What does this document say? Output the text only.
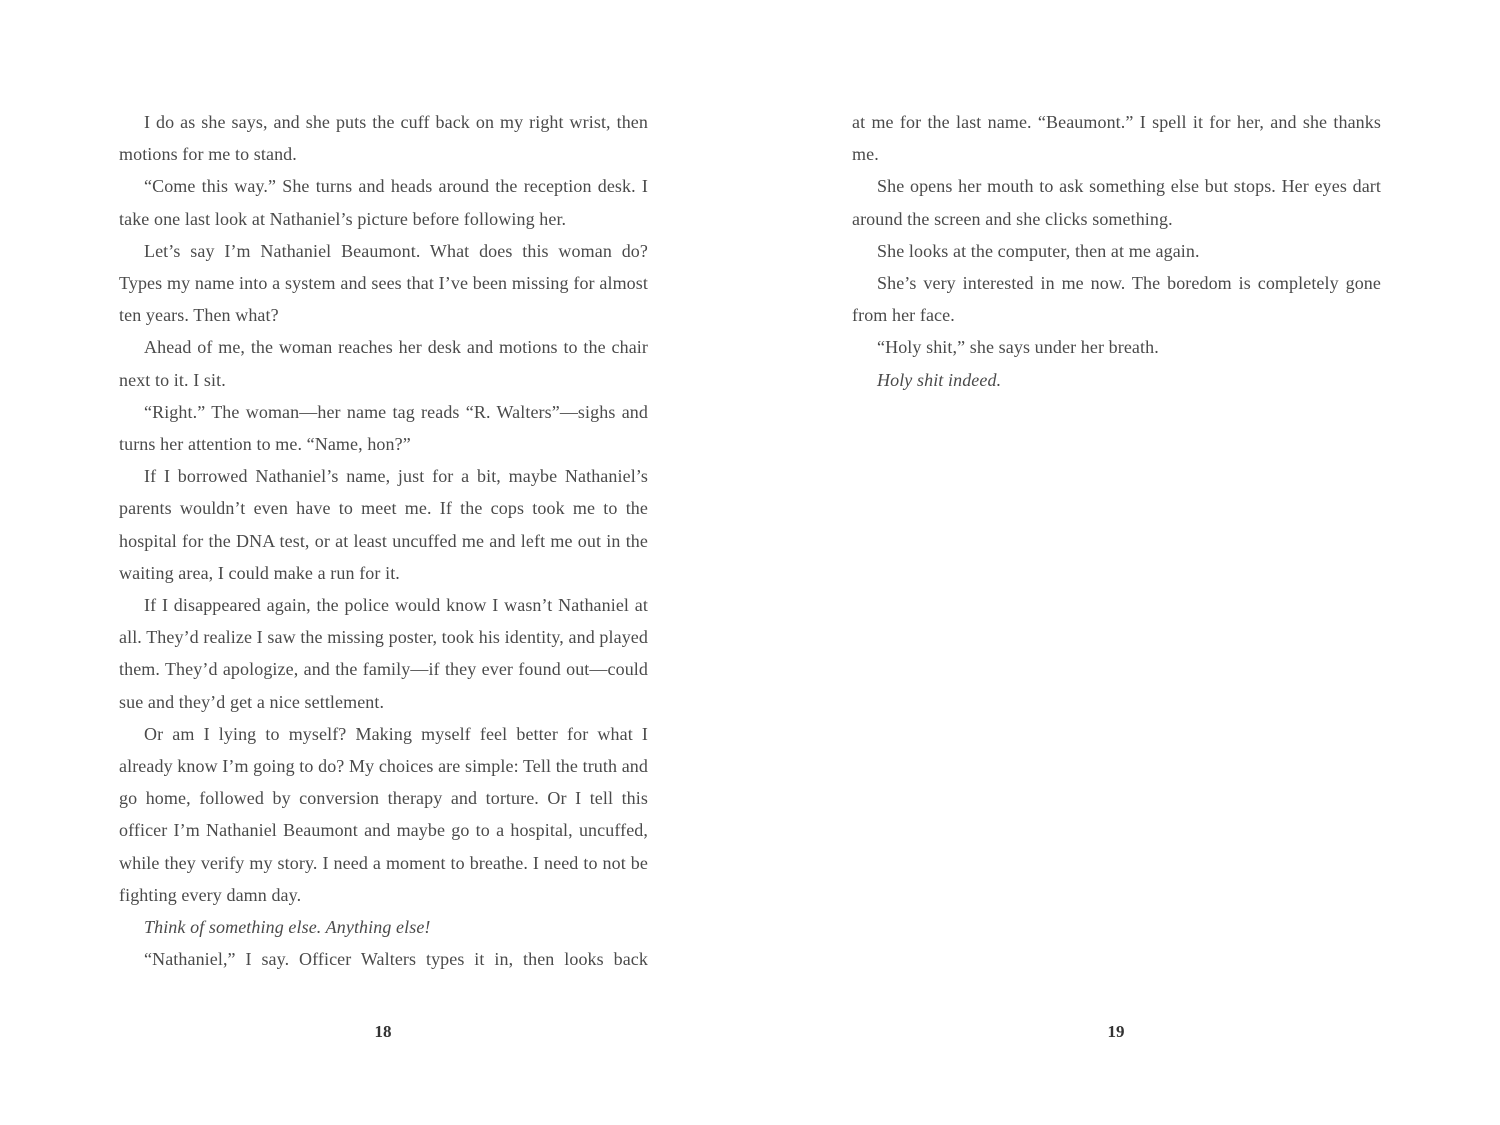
I do as she says, and she puts the cuff back on my right wrist, then motions for me to stand.

“Come this way.” She turns and heads around the reception desk. I take one last look at Nathaniel’s picture before following her.

Let’s say I’m Nathaniel Beaumont. What does this woman do? Types my name into a system and sees that I’ve been missing for almost ten years. Then what?

Ahead of me, the woman reaches her desk and motions to the chair next to it. I sit.

“Right.” The woman—her name tag reads “R. Walters”—sighs and turns her attention to me. “Name, hon?”

If I borrowed Nathaniel’s name, just for a bit, maybe Nathaniel’s parents wouldn’t even have to meet me. If the cops took me to the hospital for the DNA test, or at least uncuffed me and left me out in the waiting area, I could make a run for it.

If I disappeared again, the police would know I wasn’t Nathaniel at all. They’d realize I saw the missing poster, took his identity, and played them. They’d apologize, and the family—if they ever found out—could sue and they’d get a nice settlement.

Or am I lying to myself? Making myself feel better for what I already know I’m going to do? My choices are simple: Tell the truth and go home, followed by conversion therapy and torture. Or I tell this officer I’m Nathaniel Beaumont and maybe go to a hospital, uncuffed, while they verify my story. I need a moment to breathe. I need to not be fighting every damn day.

Think of something else. Anything else!

“Nathaniel,” I say. Officer Walters types it in, then looks back

at me for the last name. “Beaumont.” I spell it for her, and she thanks me.

She opens her mouth to ask something else but stops. Her eyes dart around the screen and she clicks something.

She looks at the computer, then at me again.

She’s very interested in me now. The boredom is completely gone from her face.

“Holy shit,” she says under her breath.

Holy shit indeed.

18	19
